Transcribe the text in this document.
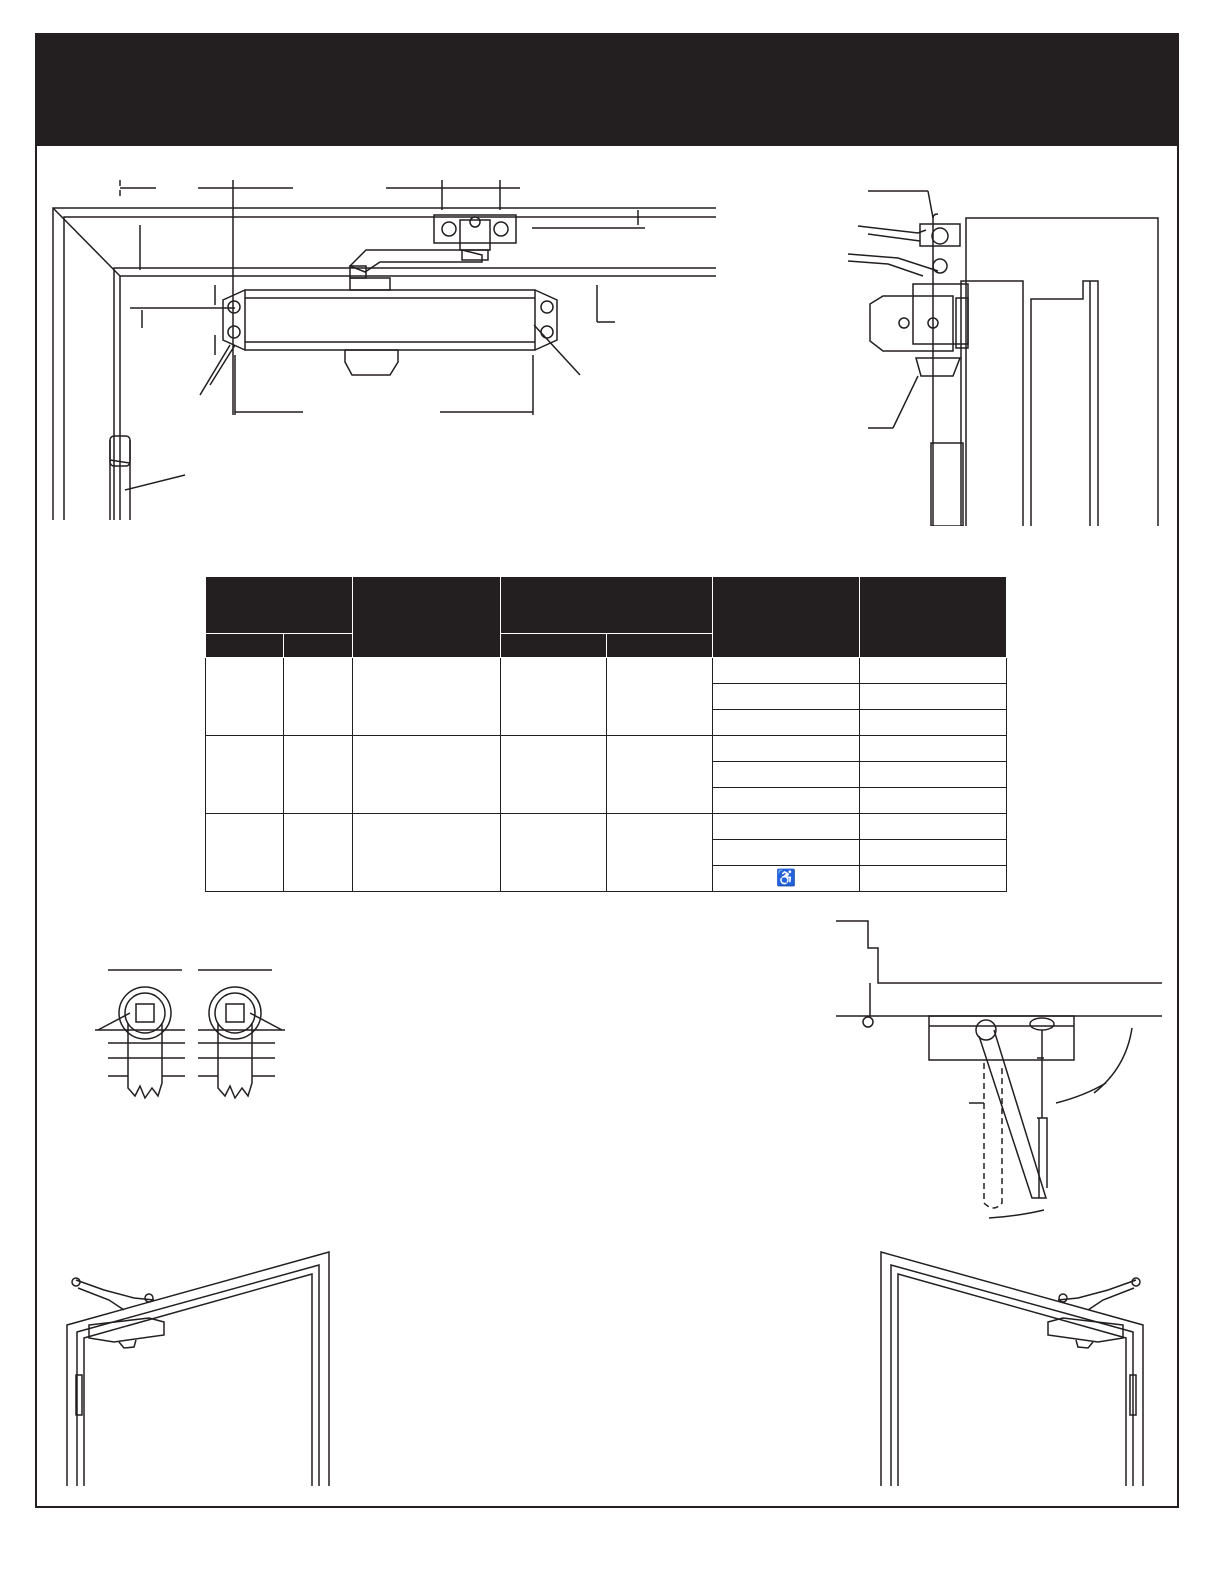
					♿	
